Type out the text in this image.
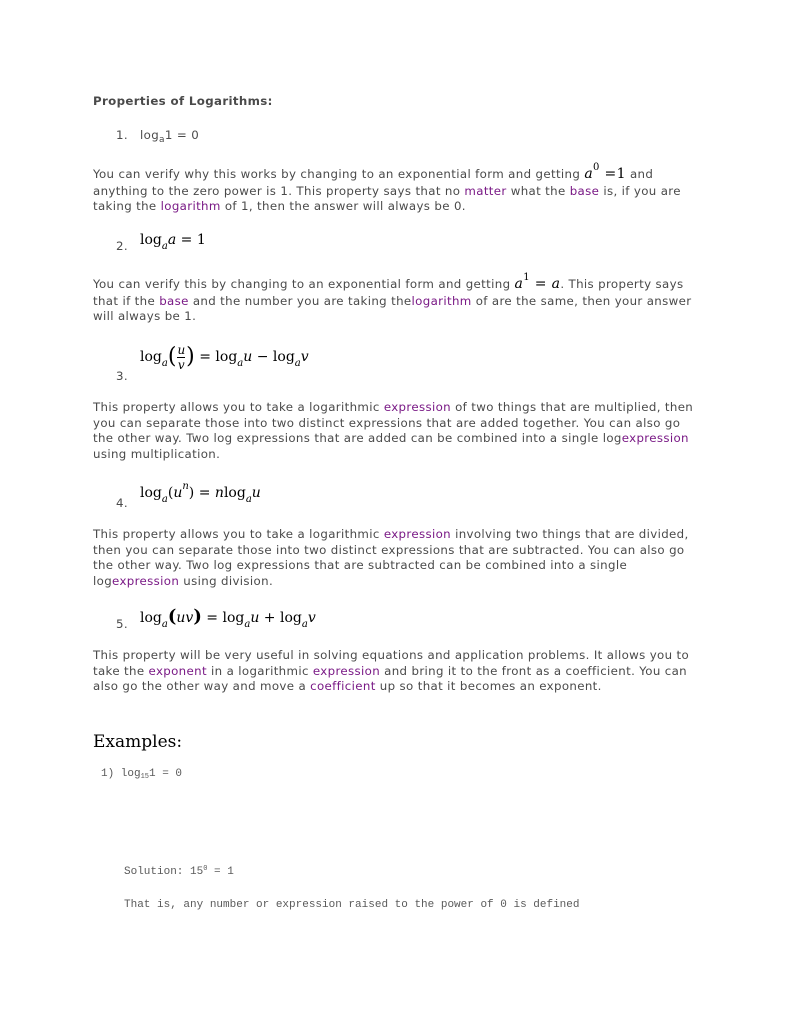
Properties of Logarithms:
1. $\log_a1 = 0$
You can verify why this works by changing to an exponential form and getting $a^0 =1$ and anything to the zero power is 1. This property says that no matter what the base is, if you are taking the logarithm of 1, then the answer will always be 0.
2. $\log_aa = 1$
You can verify this by changing to an exponential form and getting $a^1 = a$. This property says that if the base and the number you are taking thelogarithm of are the same, then your answer will always be 1.
3.
$\log_a( \frac{u}{v}$ ) = $\log_au - \log_av$
This property allows you to take a logarithmic expression of two things that are multiplied, then you can separate those into two distinct expressions that are added together. You can also go the other way. Two log expressions that are added can be combined into a single logexpression using multiplication.
4.
$\log_a(u^n) = nlog_au$
This property allows you to take a logarithmic expression involving two things that are divided, then you can separate those into two distinct expressions that are subtracted. You can also go the other way. Two log expressions that are subtracted can be combined into a single logexpression using division.
5. $\log_a(uv) = \log_au + \log_av$
This property will be very useful in solving equations and application problems. It allows you to take the exponent in a logarithmic expression and bring it to the front as a coefficient. You can also go the other way and move a coefficient up so that it becomes an exponent.
Examples:
1) log151 = 0
Solution: $15^0 = 1$
That is, any number or expression raised to the power of 0 is defined
